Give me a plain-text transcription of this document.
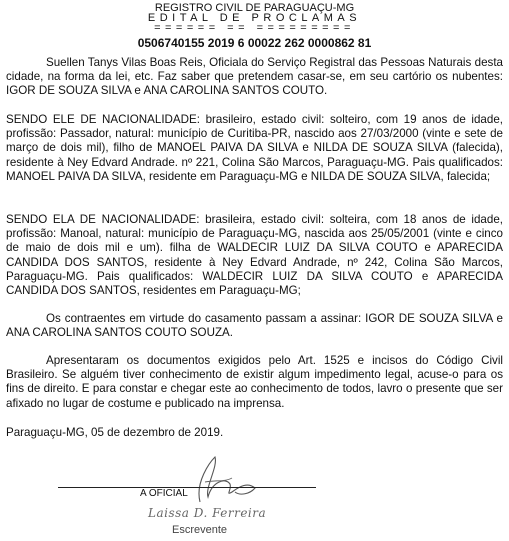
REGISTRO CIVIL DE PARAGUAÇU-MG
EDITAL DE PROCLAMAS
====== == =========
0506740155 2019 6 00022 262 0000862 81

Suellen Tanys Vilas Boas Reis, Oficiala do Serviço Registral das Pessoas Naturais desta cidade, na forma da lei, etc. Faz saber que pretendem casar-se, em seu cartório os nubentes: IGOR DE SOUZA SILVA e ANA CAROLINA SANTOS COUTO.

SENDO ELE DE NACIONALIDADE: brasileiro, estado civil: solteiro, com 19 anos de idade, profissão: Passador, natural: município de Curitiba-PR, nascido aos 27/03/2000 (vinte e sete de março de dois mil), filho de MANOEL PAIVA DA SILVA e NILDA DE SOUZA SILVA (falecida), residente à Ney Edvard Andrade. nº 221, Colina São Marcos, Paraguaçu-MG. Pais qualificados: MANOEL PAIVA DA SILVA, residente em Paraguaçu-MG e NILDA DE SOUZA SILVA, falecida;

SENDO ELA DE NACIONALIDADE: brasileira, estado civil: solteira, com 18 anos de idade, profissão: Manoal, natural: município de Paraguaçu-MG, nascida aos 25/05/2001 (vinte e cinco de maio de dois mil e um). filha de WALDECIR LUIZ DA SILVA COUTO e APARECIDA CANDIDA DOS SANTOS, residente à Ney Edvard Andrade, nº 242, Colina São Marcos, Paraguaçu-MG. Pais qualificados: WALDECIR LUIZ DA SILVA COUTO e APARECIDA CANDIDA DOS SANTOS, residentes em Paraguaçu-MG;

Os contraentes em virtude do casamento passam a assinar: IGOR DE SOUZA SILVA e ANA CAROLINA SANTOS COUTO SOUZA.

Apresentaram os documentos exigidos pelo Art. 1525 e incisos do Código Civil Brasileiro. Se alguém tiver conhecimento de existir algum impedimento legal, acuse-o para os fins de direito. E para constar e chegar este ao conhecimento de todos, lavro o presente que ser afixado no lugar de costume e publicado na imprensa.

Paraguaçu-MG, 05 de dezembro de 2019.
A OFICIAL
Laissa D. Ferreira
Escrevente
